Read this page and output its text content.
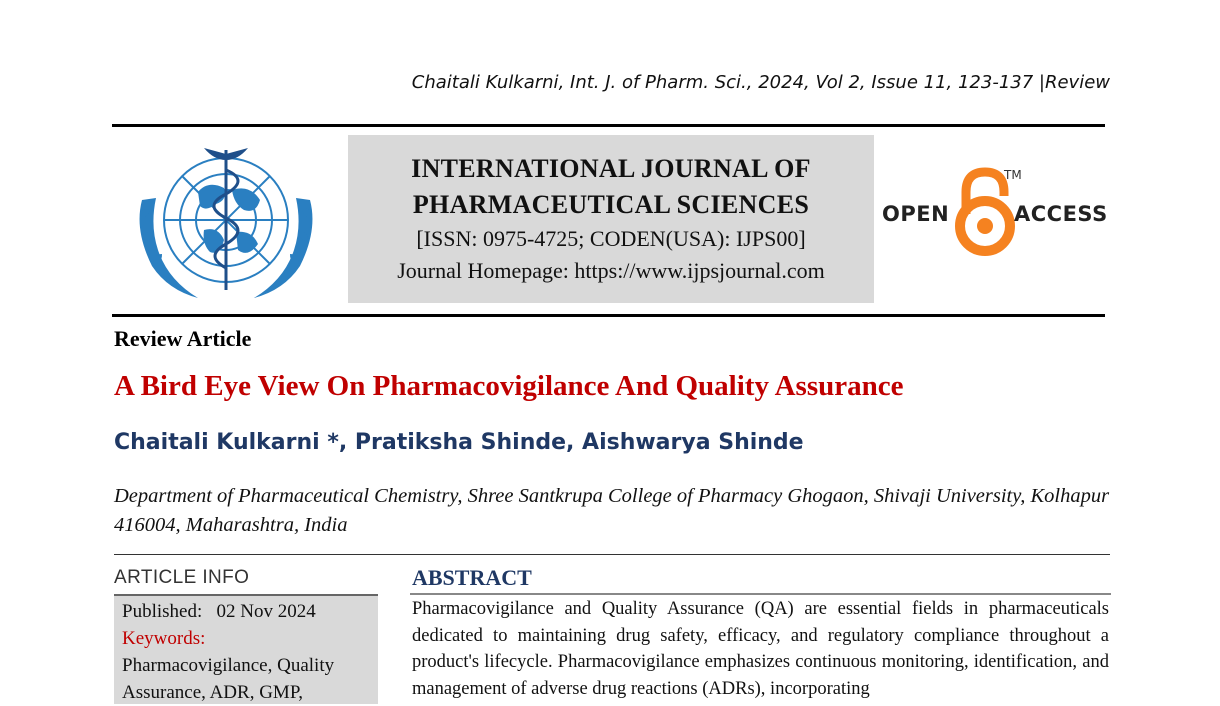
Chaitali Kulkarni, Int. J. of Pharm. Sci., 2024, Vol 2, Issue 11, 123-137 |Review
INTERNATIONAL JOURNAL OF
PHARMACEUTICAL SCIENCES
[ISSN: 0975-4725; CODEN(USA): IJPS00]
Journal Homepage: https://www.ijpsjournal.com
OPEN
TM
ACCESS
Review Article
A Bird Eye View On Pharmacovigilance And Quality Assurance
Chaitali Kulkarni *, Pratiksha Shinde, Aishwarya Shinde
Department of Pharmaceutical Chemistry, Shree Santkrupa College of Pharmacy Ghogaon, Shivaji University, Kolhapur 416004, Maharashtra, India
ARTICLE INFO
Published: 02 Nov 2024
Keywords:
Pharmacovigilance, Quality Assurance, ADR, GMP,
ABSTRACT
Pharmacovigilance and Quality Assurance (QA) are essential fields in pharmaceuticals dedicated to maintaining drug safety, efficacy, and regulatory compliance throughout a product's lifecycle. Pharmacovigilance emphasizes continuous monitoring, identification, and management of adverse drug reactions (ADRs), incorporating
